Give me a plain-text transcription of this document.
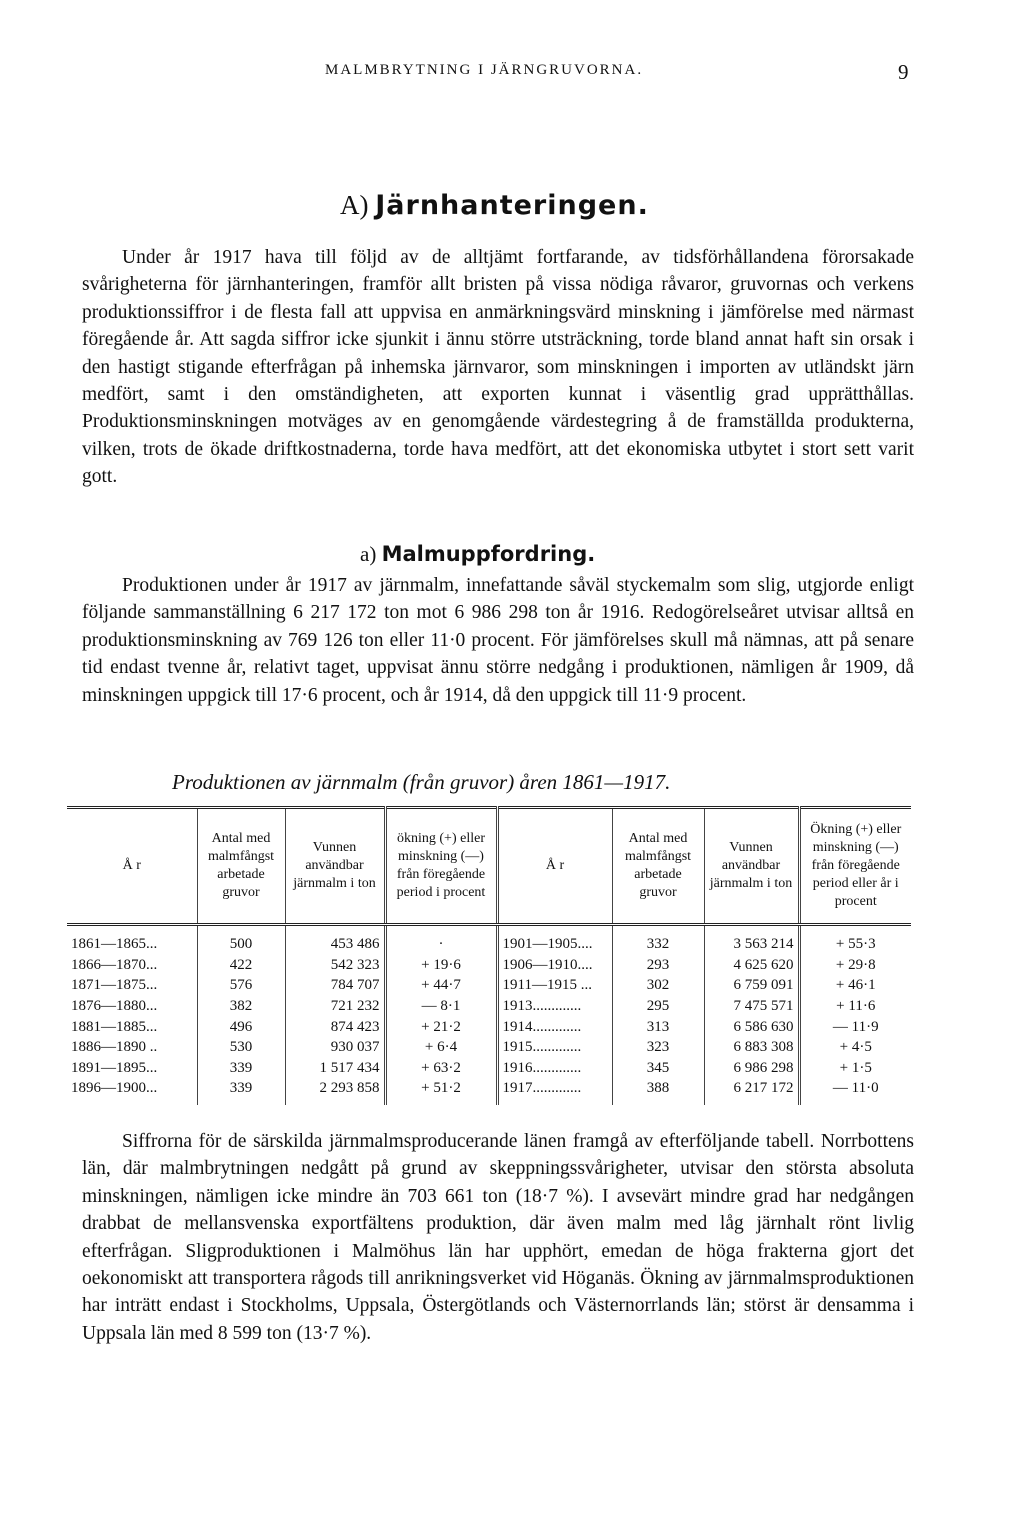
MALMBRYTNING I JÄRNGRUVORNA.	9
A) Järnhanteringen.

Under år 1917 hava till följd av de alltjämt fortfarande, av tidsförhållandena förorsakade svårigheterna för järnhanteringen, framför allt bristen på vissa nödiga råvaror, gruvornas och verkens produktionssiffror i de flesta fall att uppvisa en anmärkningsvärd minskning i jämförelse med närmast föregående år. Att sagda siffror icke sjunkit i ännu större utsträckning, torde bland annat haft sin orsak i den hastigt stigande efterfrågan på inhemska järnvaror, som minskningen i importen av utländskt järn medfört, samt i den omständigheten, att exporten kunnat i väsentlig grad upprätthållas. Produktionsminskningen motväges av en genomgående värdestegring å de framställda produkterna, vilken, trots de ökade driftkostnaderna, torde hava medfört, att det ekonomiska utbytet i stort sett varit gott.

a) Malmuppfordring.

Produktionen under år 1917 av järnmalm, innefattande såväl styckemalm som slig, utgjorde enligt följande sammanställning 6 217 172 ton mot 6 986 298 ton år 1916. Redogörelseåret utvisar alltså en produktionsminskning av 769 126 ton eller 11·0 procent. För jämförelses skull må nämnas, att på senare tid endast tvenne år, relativt taget, uppvisat ännu större nedgång i produktionen, nämligen år 1909, då minskningen uppgick till 17·6 procent, och år 1914, då den uppgick till 11·9 procent.

Produktionen av järnmalm (från gruvor) åren 1861—1917.
Å r	Antal med malmfångst arbetade gruvor	Vunnen användbar järnmalm i ton	ökning (+) eller minskning (—) från föregående period i procent	Å r	Antal med malmfångst arbetade gruvor	Vunnen användbar järnmalm i ton	Ökning (+) eller minskning (—) från föregående period eller år i procent
1861—1865...	500	453 486	·	1901—1905....	332	3 563 214	+ 55·3
1866—1870...	422	542 323	+ 19·6	1906—1910....	293	4 625 620	+ 29·8
1871—1875...	576	784 707	+ 44·7	1911—1915 ...	302	6 759 091	+ 46·1
1876—1880...	382	721 232	— 8·1	1913.............	295	7 475 571	+ 11·6
1881—1885...	496	874 423	+ 21·2	1914.............	313	6 586 630	— 11·9
1886—1890 ..	530	930 037	+ 6·4	1915.............	323	6 883 308	+ 4·5
1891—1895...	339	1 517 434	+ 63·2	1916.............	345	6 986 298	+ 1·5
1896—1900...	339	2 293 858	+ 51·2	1917.............	388	6 217 172	— 11·0

Siffrorna för de särskilda järnmalmsproducerande länen framgå av efterföljande tabell. Norrbottens län, där malmbrytningen nedgått på grund av skeppningssvårigheter, utvisar den största absoluta minskningen, nämligen icke mindre än 703 661 ton (18·7 %). I avsevärt mindre grad har nedgången drabbat de mellansvenska exportfältens produktion, där även malm med låg järnhalt rönt livlig efterfrågan. Sligproduktionen i Malmöhus län har upphört, emedan de höga frakterna gjort det oekonomiskt att transportera rågods till anrikningsverket vid Höganäs. Ökning av järnmalmsproduktionen har inträtt endast i Stockholms, Uppsala, Östergötlands och Västernorrlands län; störst är densamma i Uppsala län med 8 599 ton (13·7 %).
